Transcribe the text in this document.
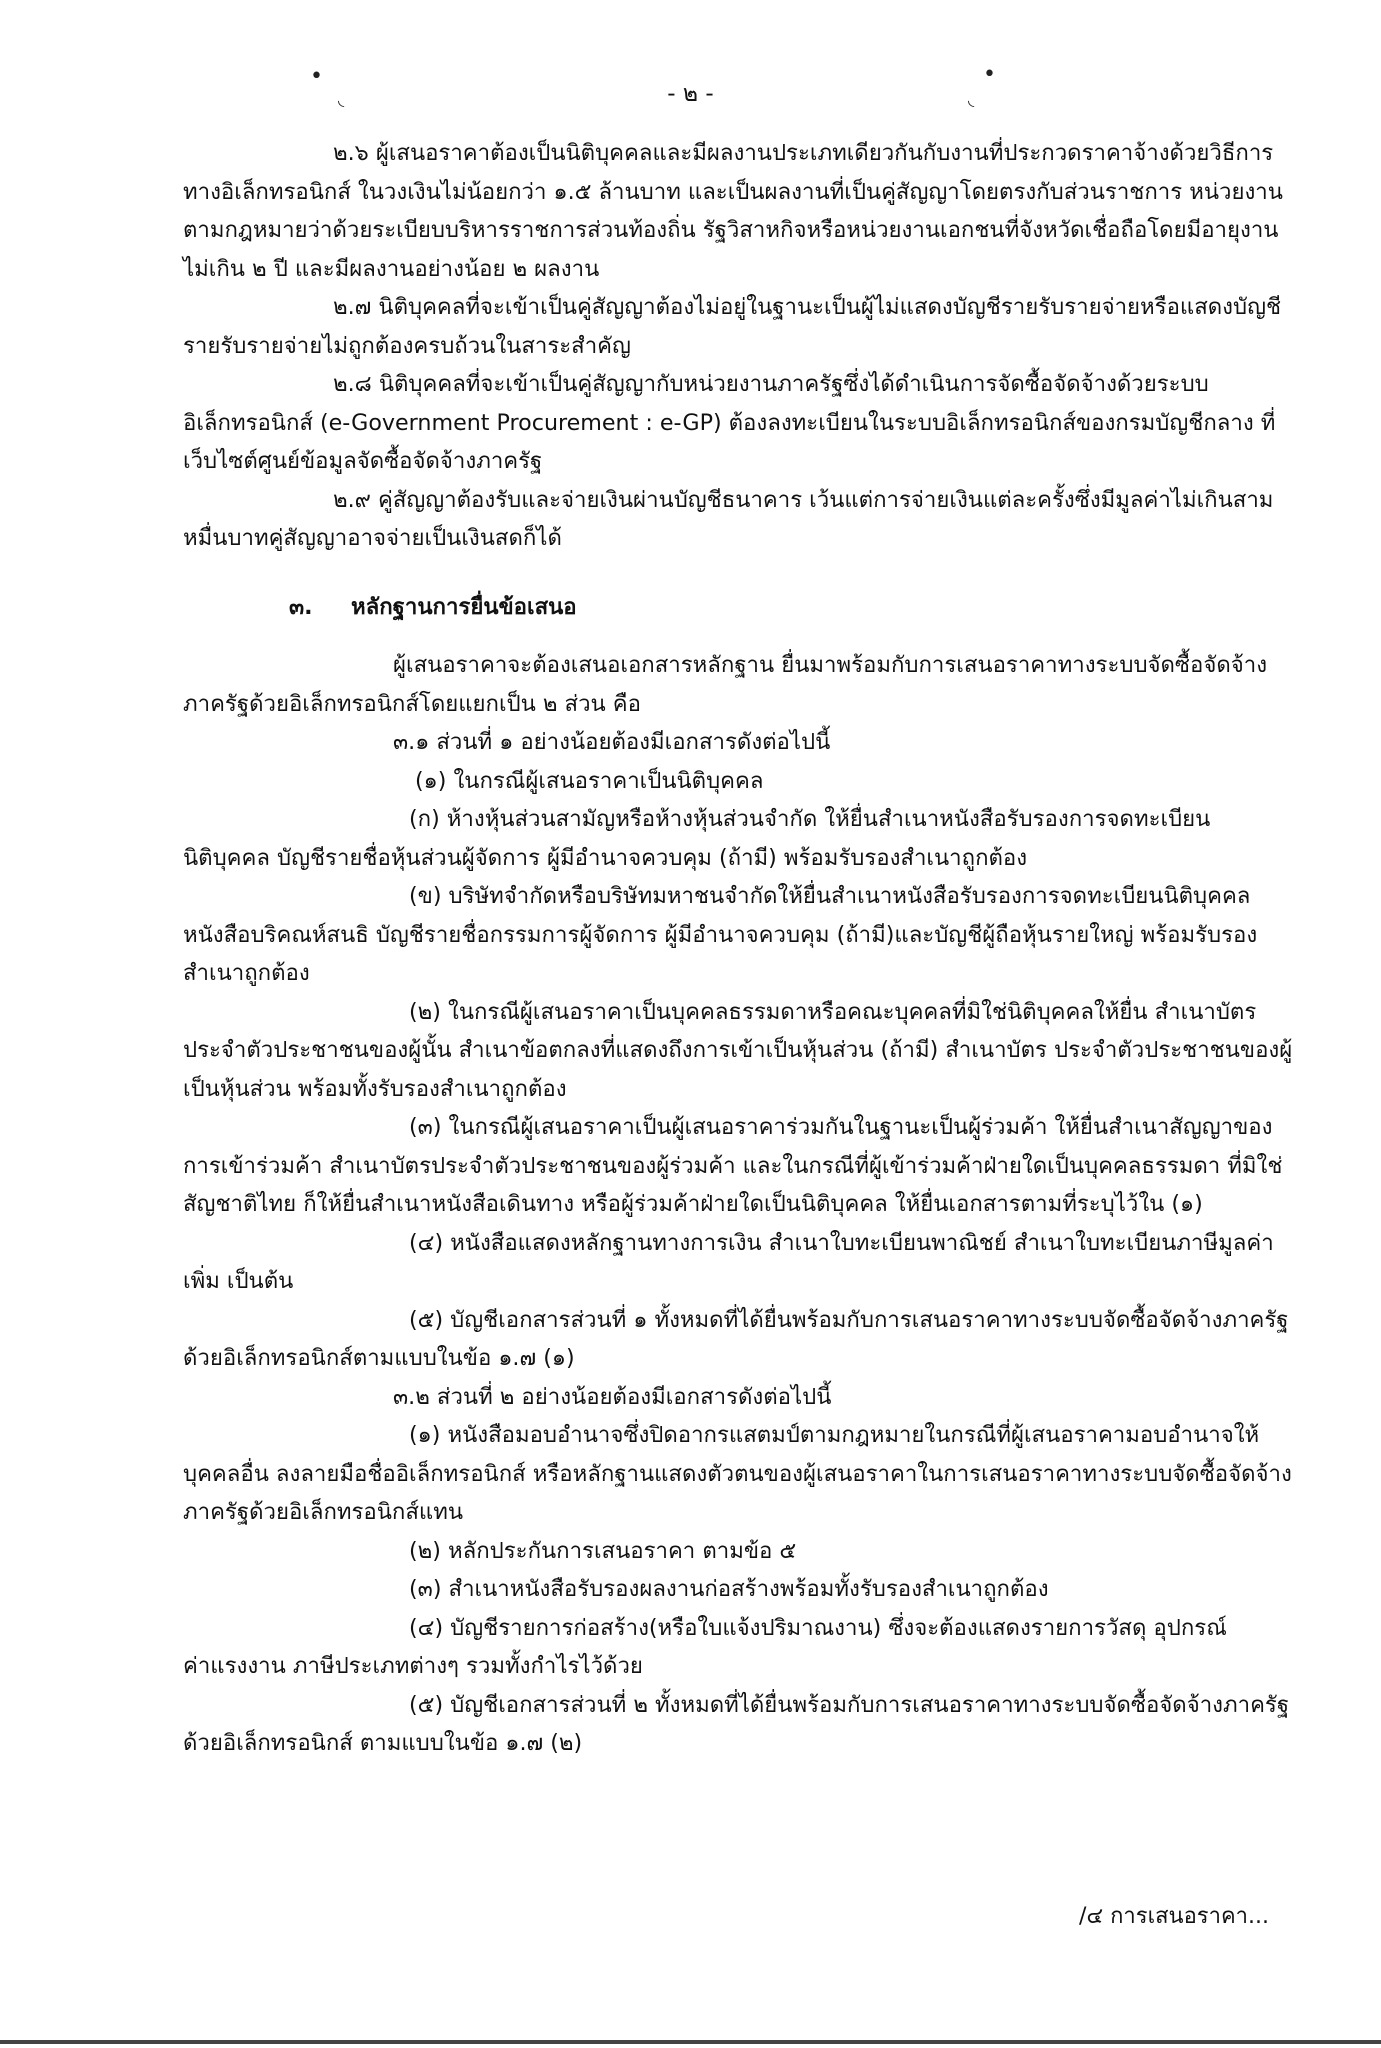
•
◟
•
◟
- ๒ -

๒.๖ ผู้เสนอราคาต้องเป็นนิติบุคคลและมีผลงานประเภทเดียวกันกับงานที่ประกวดราคาจ้างด้วยวิธีการทางอิเล็กทรอนิกส์ ในวงเงินไม่น้อยกว่า ๑.๕ ล้านบาท และเป็นผลงานที่เป็นคู่สัญญาโดยตรงกับส่วนราชการ หน่วยงานตามกฎหมายว่าด้วยระเบียบบริหารราชการส่วนท้องถิ่น รัฐวิสาหกิจหรือหน่วยงานเอกชนที่จังหวัดเชื่อถือโดยมีอายุงานไม่เกิน ๒ ปี และมีผลงานอย่างน้อย ๒ ผลงาน

๒.๗ นิติบุคคลที่จะเข้าเป็นคู่สัญญาต้องไม่อยู่ในฐานะเป็นผู้ไม่แสดงบัญชีรายรับรายจ่ายหรือแสดงบัญชีรายรับรายจ่ายไม่ถูกต้องครบถ้วนในสาระสำคัญ

๒.๘ นิติบุคคลที่จะเข้าเป็นคู่สัญญากับหน่วยงานภาครัฐซึ่งได้ดำเนินการจัดซื้อจัดจ้างด้วยระบบอิเล็กทรอนิกส์ (e-Government Procurement : e-GP) ต้องลงทะเบียนในระบบอิเล็กทรอนิกส์ของกรมบัญชีกลาง ที่เว็บไซต์ศูนย์ข้อมูลจัดซื้อจัดจ้างภาครัฐ

๒.๙ คู่สัญญาต้องรับและจ่ายเงินผ่านบัญชีธนาคาร เว้นแต่การจ่ายเงินแต่ละครั้งซึ่งมีมูลค่าไม่เกินสามหมื่นบาทคู่สัญญาอาจจ่ายเป็นเงินสดก็ได้

๓. หลักฐานการยื่นข้อเสนอ

ผู้เสนอราคาจะต้องเสนอเอกสารหลักฐาน ยื่นมาพร้อมกับการเสนอราคาทางระบบจัดซื้อจัดจ้างภาครัฐด้วยอิเล็กทรอนิกส์โดยแยกเป็น ๒ ส่วน คือ

๓.๑ ส่วนที่ ๑ อย่างน้อยต้องมีเอกสารดังต่อไปนี้

(๑) ในกรณีผู้เสนอราคาเป็นนิติบุคคล

(ก) ห้างหุ้นส่วนสามัญหรือห้างหุ้นส่วนจำกัด ให้ยื่นสำเนาหนังสือรับรองการจดทะเบียน นิติบุคคล บัญชีรายชื่อหุ้นส่วนผู้จัดการ ผู้มีอำนาจควบคุม (ถ้ามี) พร้อมรับรองสำเนาถูกต้อง

(ข) บริษัทจำกัดหรือบริษัทมหาชนจำกัดให้ยื่นสำเนาหนังสือรับรองการจดทะเบียนนิติบุคคลหนังสือบริคณห์สนธิ บัญชีรายชื่อกรรมการผู้จัดการ ผู้มีอำนาจควบคุม (ถ้ามี)และบัญชีผู้ถือหุ้นรายใหญ่ พร้อมรับรองสำเนาถูกต้อง

(๒) ในกรณีผู้เสนอราคาเป็นบุคคลธรรมดาหรือคณะบุคคลที่มิใช่นิติบุคคลให้ยื่น สำเนาบัตรประจำตัวประชาชนของผู้นั้น สำเนาข้อตกลงที่แสดงถึงการเข้าเป็นหุ้นส่วน (ถ้ามี) สำเนาบัตร ประจำตัวประชาชนของผู้เป็นหุ้นส่วน พร้อมทั้งรับรองสำเนาถูกต้อง

(๓) ในกรณีผู้เสนอราคาเป็นผู้เสนอราคาร่วมกันในฐานะเป็นผู้ร่วมค้า ให้ยื่นสำเนาสัญญาของการเข้าร่วมค้า สำเนาบัตรประจำตัวประชาชนของผู้ร่วมค้า และในกรณีที่ผู้เข้าร่วมค้าฝ่ายใดเป็นบุคคลธรรมดา ที่มิใช่สัญชาติไทย ก็ให้ยื่นสำเนาหนังสือเดินทาง หรือผู้ร่วมค้าฝ่ายใดเป็นนิติบุคคล ให้ยื่นเอกสารตามที่ระบุไว้ใน (๑)

(๔) หนังสือแสดงหลักฐานทางการเงิน สำเนาใบทะเบียนพาณิชย์ สำเนาใบทะเบียนภาษีมูลค่าเพิ่ม เป็นต้น

(๕) บัญชีเอกสารส่วนที่ ๑ ทั้งหมดที่ได้ยื่นพร้อมกับการเสนอราคาทางระบบจัดซื้อจัดจ้างภาครัฐด้วยอิเล็กทรอนิกส์ตามแบบในข้อ ๑.๗ (๑)

๓.๒ ส่วนที่ ๒ อย่างน้อยต้องมีเอกสารดังต่อไปนี้

(๑) หนังสือมอบอำนาจซึ่งปิดอากรแสตมป์ตามกฎหมายในกรณีที่ผู้เสนอราคามอบอำนาจให้บุคคลอื่น ลงลายมือชื่ออิเล็กทรอนิกส์ หรือหลักฐานแสดงตัวตนของผู้เสนอราคาในการเสนอราคาทางระบบจัดซื้อจัดจ้างภาครัฐด้วยอิเล็กทรอนิกส์แทน

(๒) หลักประกันการเสนอราคา ตามข้อ ๕

(๓) สำเนาหนังสือรับรองผลงานก่อสร้างพร้อมทั้งรับรองสำเนาถูกต้อง

(๔) บัญชีรายการก่อสร้าง(หรือใบแจ้งปริมาณงาน) ซึ่งจะต้องแสดงรายการวัสดุ อุปกรณ์ ค่าแรงงาน ภาษีประเภทต่างๆ รวมทั้งกำไรไว้ด้วย

(๕) บัญชีเอกสารส่วนที่ ๒ ทั้งหมดที่ได้ยื่นพร้อมกับการเสนอราคาทางระบบจัดซื้อจัดจ้างภาครัฐด้วยอิเล็กทรอนิกส์ ตามแบบในข้อ ๑.๗ (๒)

/๔ การเสนอราคา...
